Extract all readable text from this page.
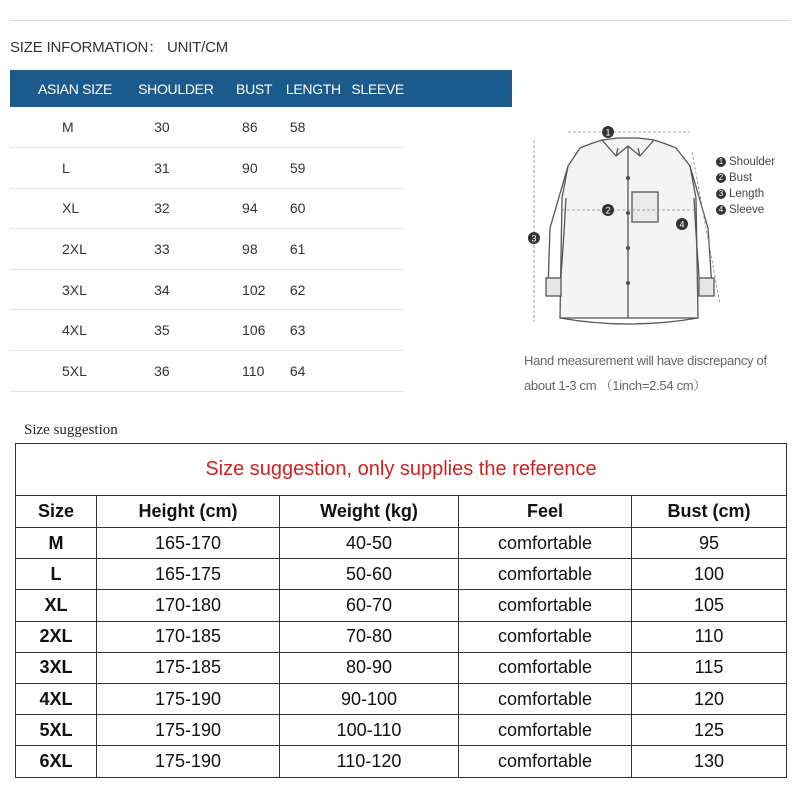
SIZE INFORMATION： UNIT/CM
ASIAN SIZE	SHOULDER	BUST	LENGTH	SLEEVE
M	30	86	58	
L	31	90	59	
XL	32	94	60	
2XL	33	98	61	
3XL	34	102	62	
4XL	35	106	63	
5XL	36	110	64	
1
2
3
4
1 Shoulder
2 Bust
3 Length
4 Sleeve
Hand measurement will have discrepancy of
about 1-3 cm （1inch=2.54 cm）
Size suggestion
Size suggestion, only supplies the reference				
Size	Height (cm)	Weight (kg)	Feel	Bust (cm)
M	165-170	40-50	comfortable	95
L	165-175	50-60	comfortable	100
XL	170-180	60-70	comfortable	105
2XL	170-185	70-80	comfortable	110
3XL	175-185	80-90	comfortable	115
4XL	175-190	90-100	comfortable	120
5XL	175-190	100-110	comfortable	125
6XL	175-190	110-120	comfortable	130
